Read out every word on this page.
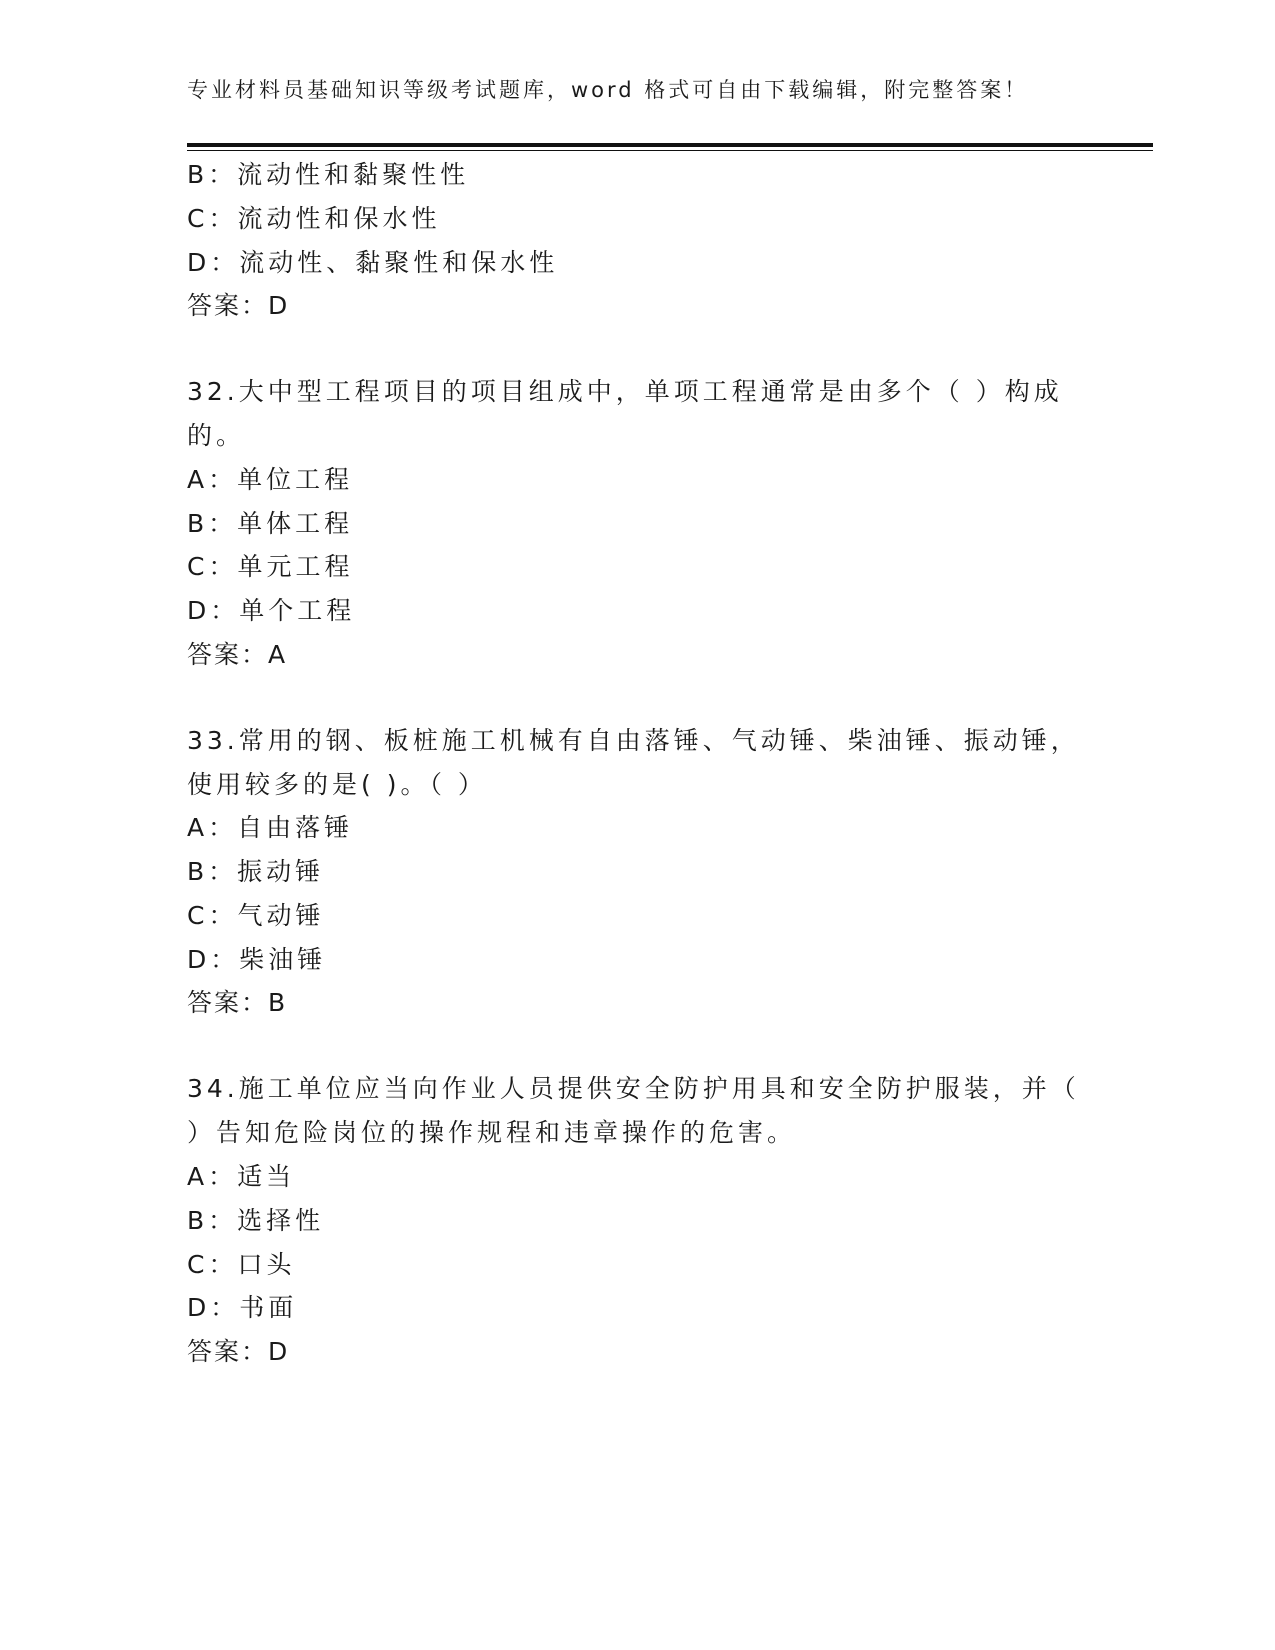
专业材料员基础知识等级考试题库，word 格式可自由下载编辑，附完整答案！
B：流动性和黏聚性性
C：流动性和保水性
D：流动性、黏聚性和保水性
答案：D
32.大中型工程项目的项目组成中，单项工程通常是由多个（ ）构成
的。
A：单位工程
B：单体工程
C：单元工程
D：单个工程
答案：A
33.常用的钢、板桩施工机械有自由落锤、气动锤、柴油锤、振动锤，
使用较多的是( )。（ ）
A：自由落锤
B：振动锤
C：气动锤
D：柴油锤
答案：B
34.施工单位应当向作业人员提供安全防护用具和安全防护服装，并（
）告知危险岗位的操作规程和违章操作的危害。
A：适当
B：选择性
C：口头
D：书面
答案：D
